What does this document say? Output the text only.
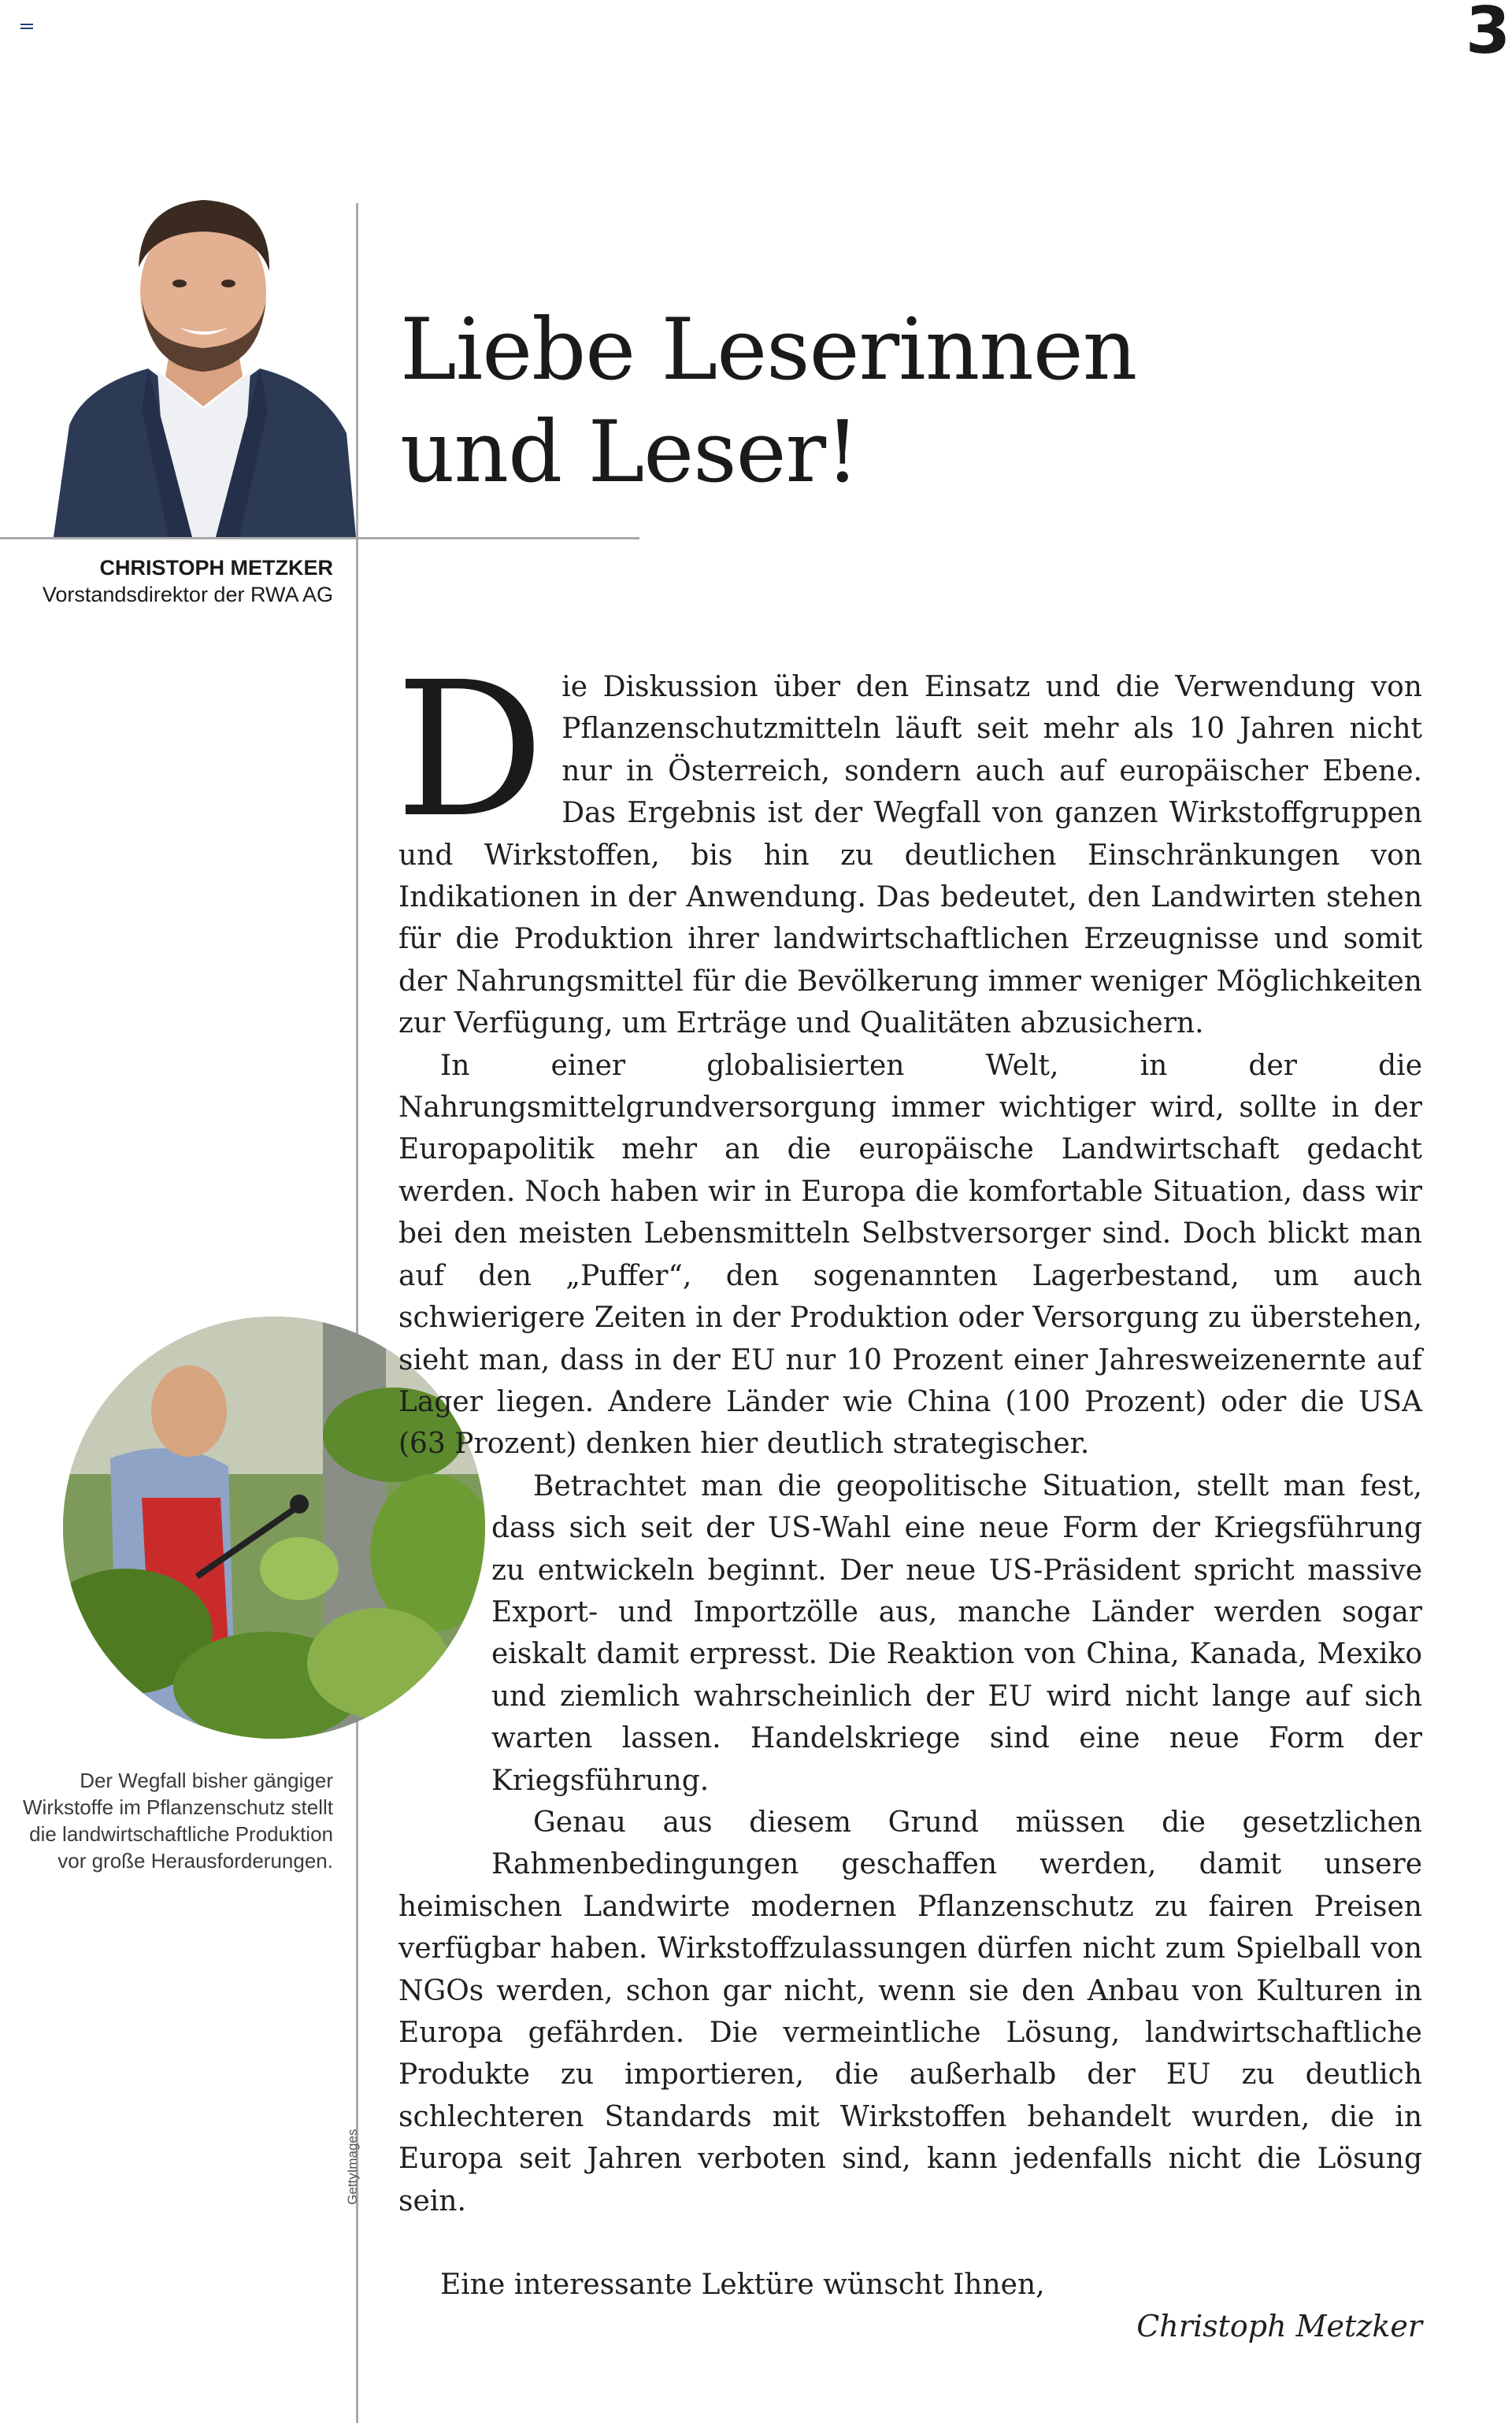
3
CHRISTOPH METZKER
Vorstandsdirektor der RWA AG
Liebe Leserinnen
und Leser!
Der Wegfall bisher gängiger Wirkstoffe im Pflanzenschutz stellt die landwirtschaftliche Produktion vor große Herausforderungen.
GettyImages

Die Diskussion über den Einsatz und die Verwendung von Pflanzenschutzmitteln läuft seit mehr als 10 Jahren nicht nur in Österreich, sondern auch auf europäischer Ebene. Das Ergebnis ist der Wegfall von ganzen Wirkstoffgruppen und Wirkstoffen, bis hin zu deutlichen Einschränkungen von Indikationen in der Anwendung. Das bedeutet, den Landwirten stehen für die Produktion ihrer landwirtschaftlichen Erzeugnisse und somit der Nahrungsmittel für die Bevölkerung immer weniger Möglichkeiten zur Verfügung, um Erträge und Qualitäten abzusichern.

In einer globalisierten Welt, in der die Nahrungsmittelgrundversorgung immer wichtiger wird, sollte in der Europapolitik mehr an die europäische Landwirtschaft gedacht werden. Noch haben wir in Europa die komfortable Situation, dass wir bei den meisten Lebensmitteln Selbstversorger sind. Doch blickt man auf den „Puffer“, den sogenannten Lagerbestand, um auch schwierigere Zeiten in der Produktion oder Versorgung zu überstehen, sieht man, dass in der EU nur 10 Prozent einer Jahresweizenernte auf Lager liegen. Andere Länder wie China (100 Prozent) oder die USA (63 Prozent) denken hier deutlich strategischer.

Betrachtet man die geopolitische Situation, stellt man fest, dass sich seit der US-Wahl eine neue Form der Kriegsführung zu entwickeln beginnt. Der neue US-Präsident spricht massive Export- und Importzölle aus, manche Länder werden sogar eiskalt damit erpresst. Die Reaktion von China, Kanada, Mexiko und ziemlich wahrscheinlich der EU wird nicht lange auf sich warten lassen. Handelskriege sind eine neue Form der Kriegsführung.

Genau aus diesem Grund müssen die gesetzlichen Rahmenbedingungen geschaffen werden, damit unsere heimischen Landwirte modernen Pflanzenschutz zu fairen Preisen verfügbar haben. Wirkstoffzulassungen dürfen nicht zum Spielball von NGOs werden, schon gar nicht, wenn sie den Anbau von Kulturen in Europa gefährden. Die vermeintliche Lösung, landwirtschaftliche Produkte zu importieren, die außerhalb der EU zu deutlich schlechteren Standards mit Wirkstoffen behandelt wurden, die in Europa seit Jahren verboten sind, kann jedenfalls nicht die Lösung sein.

Eine interessante Lektüre wünscht Ihnen,

Christoph Metzker
